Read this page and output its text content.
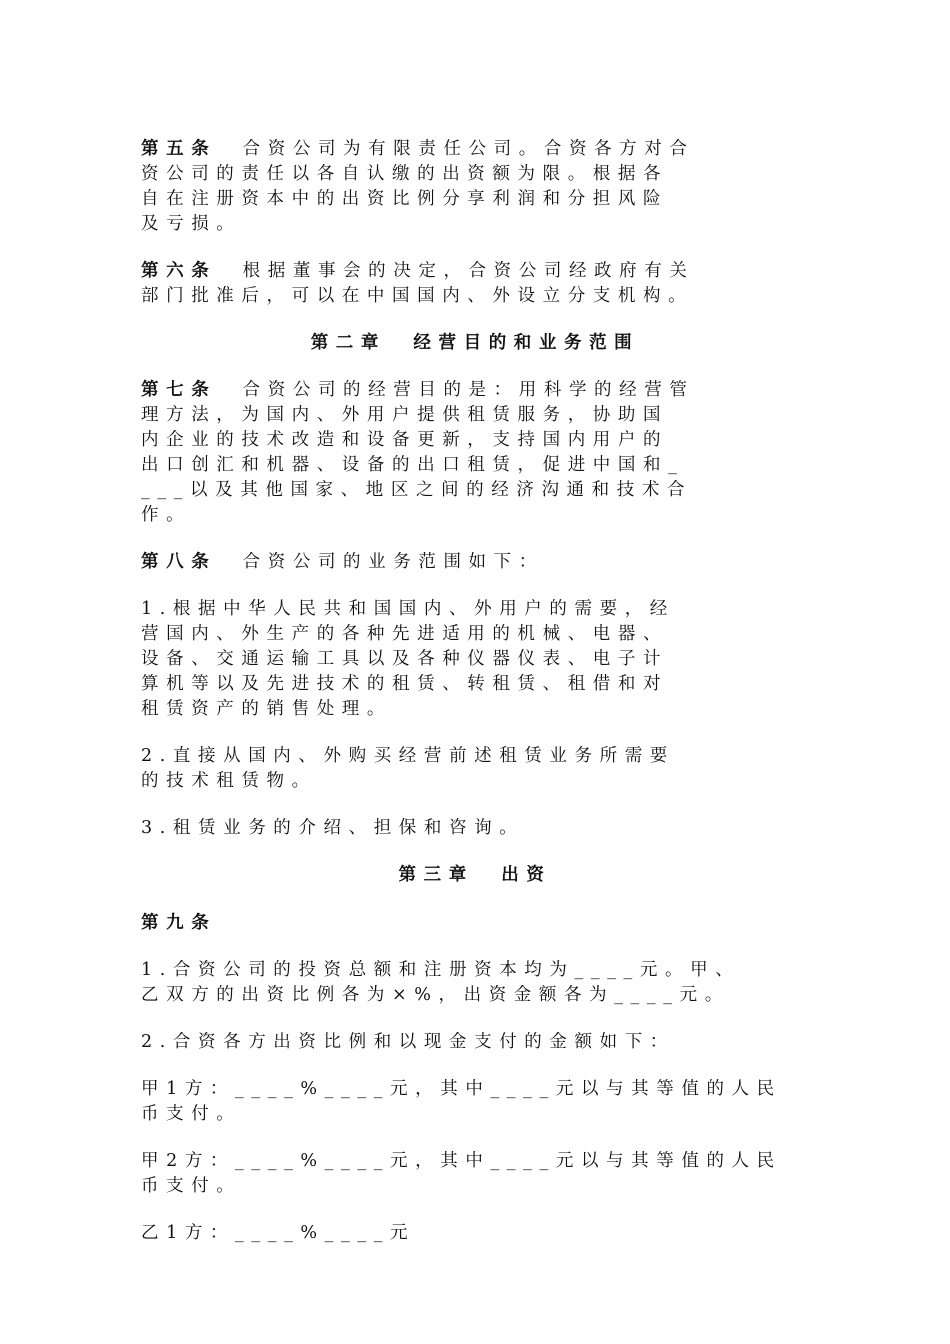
第五条 合资公司为有限责任公司。合资各方对合
资公司的责任以各自认缴的出资额为限。根据各
自在注册资本中的出资比例分享利润和分担风险
及亏损。
第六条 根据董事会的决定，合资公司经政府有关
部门批准后，可以在中国国内、外设立分支机构。
第二章  经营目的和业务范围
第七条 合资公司的经营目的是：用科学的经营管
理方法，为国内、外用户提供租赁服务，协助国
内企业的技术改造和设备更新，支持国内用户的
出口创汇和机器、设备的出口租赁，促进中国和_
___以及其他国家、地区之间的经济沟通和技术合
作。
第八条 合资公司的业务范围如下：
1.根据中华人民共和国国内、外用户的需要，经
营国内、外生产的各种先进适用的机械、电器、
设备、交通运输工具以及各种仪器仪表、电子计
算机等以及先进技术的租赁、转租赁、租借和对
租赁资产的销售处理。
2.直接从国内、外购买经营前述租赁业务所需要
的技术租赁物。
3.租赁业务的介绍、担保和咨询。
第三章  出资
第九条
1.合资公司的投资总额和注册资本均为____元。甲、
乙双方的出资比例各为×%，出资金额各为____元。
2.合资各方出资比例和以现金支付的金额如下：
甲1方：____%____元，其中____元以与其等值的人民
币支付。
甲2方：____%____元，其中____元以与其等值的人民
币支付。
乙1方：____%____元
